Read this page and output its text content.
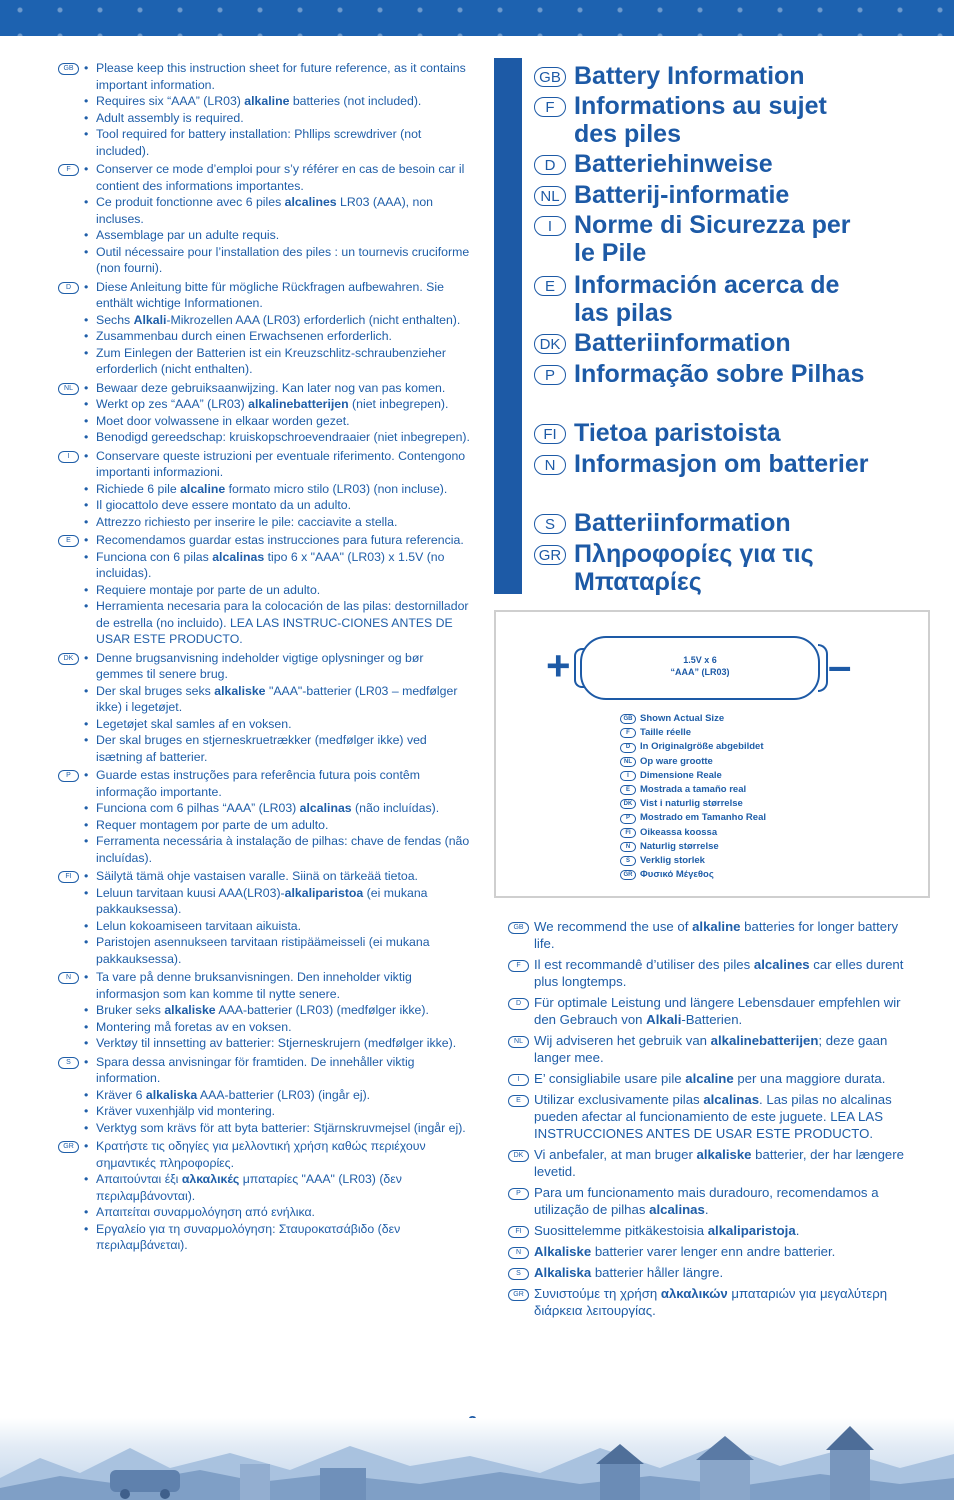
GB	• Please keep this instruction sheet for future reference, as it contains important information.
• Requires six “AAA” (LR03) alkaline batteries (not included).
• Adult assembly is required.
• Tool required for battery installation: Phllips screwdriver (not included).
F	• Conserver ce mode d’emploi pour s’y référer en cas de besoin car il contient des informations importantes.
• Ce produit fonctionne avec 6 piles alcalines LR03 (AAA), non incluses.
• Assemblage par un adulte requis.
• Outil nécessaire pour l’installation des piles : un tournevis cruciforme (non fourni).
D	• Diese Anleitung bitte für mögliche Rückfragen aufbewahren. Sie enthält wichtige Informationen.
• Sechs Alkali-Mikrozellen AAA (LR03) erforderlich (nicht enthalten).
• Zusammenbau durch einen Erwachsenen erforderlich.
• Zum Einlegen der Batterien ist ein Kreuzschlitz-schraubenzieher erforderlich (nicht enthalten).
NL	• Bewaar deze gebruiksaanwijzing. Kan later nog van pas komen.
• Werkt op zes “AAA” (LR03) alkalinebatterijen (niet inbegrepen).
• Moet door volwassene in elkaar worden gezet.
• Benodigd gereedschap: kruiskopschroevendraaier (niet inbegrepen).
I	• Conservare queste istruzioni per eventuale riferimento. Contengono importanti informazioni.
• Richiede 6 pile alcaline formato micro stilo (LR03) (non incluse).
• Il giocattolo deve essere montato da un adulto.
• Attrezzo richiesto per inserire le pile: cacciavite a stella.
E	• Recomendamos guardar estas instrucciones para futura referencia.
• Funciona con 6 pilas alcalinas tipo 6 x "AAA" (LR03) x 1.5V (no incluidas).
• Requiere montaje por parte de un adulto.
• Herramienta necesaria para la colocación de las pilas: destornillador de estrella (no incluido). LEA LAS INSTRUC-CIONES ANTES DE USAR ESTE PRODUCTO.
DK	• Denne brugsanvisning indeholder vigtige oplysninger og bør gemmes til senere brug.
• Der skal bruges seks alkaliske "AAA"-batterier (LR03 – medfølger ikke) i legetøjet.
• Legetøjet skal samles af en voksen.
• Der skal bruges en stjerneskruetrækker (medfølger ikke) ved isætning af batterier.
P	• Guarde estas instruções para referência futura pois contêm informação importante.
• Funciona com 6 pilhas “AAA” (LR03) alcalinas (não incluídas).
• Requer montagem por parte de um adulto.
• Ferramenta necessária à instalação de pilhas: chave de fendas (não incluídas).
FI	• Säilytä tämä ohje vastaisen varalle. Siinä on tärkeää tietoa.
• Leluun tarvitaan kuusi AAA(LR03)-alkaliparistoa (ei mukana pakkauksessa).
• Lelun kokoamiseen tarvitaan aikuista.
• Paristojen asennukseen tarvitaan ristipäämeisseli (ei mukana pakkauksessa).
N	• Ta vare på denne bruksanvisningen. Den inneholder viktig informasjon som kan komme til nytte senere.
• Bruker seks alkaliske AAA-batterier (LR03) (medfølger ikke).
• Montering må foretas av en voksen.
• Verktøy til innsetting av batterier: Stjerneskrujern (medfølger ikke).
S	• Spara dessa anvisningar för framtiden. De innehåller viktig information.
• Kräver 6 alkaliska AAA-batterier (LR03) (ingår ej).
• Kräver vuxenhjälp vid montering.
• Verktyg som krävs för att byta batterier: Stjärnskruvmejsel (ingår ej).
GR	• Κρατήστε τις οδηγίες για μελλοντική χρήση καθώς περιέχουν σημαντικές πληροφορίες.
• Απαιτούνται έξι αλκαλικές μπαταρίες "AAA" (LR03) (δεν περιλαμβάνονται).
• Απαιτείται συναρμολόγηση από ενήλικα.
• Εργαλείο για τη συναρμολόγηση: Σταυροκατσάβιδο (δεν περιλαμβάνεται).
GB Battery Information
F Informations au sujet des piles
D Batteriehinweise
NL Batterij-informatie
I Norme di Sicurezza per le Pile
E Información acerca de las pilas
DK Batteriinformation
P Informação sobre Pilhas
FI Tietoa paristoista
N Informasjon om batterier
S Batteriinformation
GR Πληροφορίες για τις Μπαταρίες
+	1.5V x 6
“AAA” (LR03)	–
GB Shown Actual Size
F	Taille réelle
D	In Originalgröße abgebildet
NL Op ware grootte
I	Dimensione Reale
E	Mostrada a tamaño real
DK Vist i naturlig størrelse
P	Mostrado em Tamanho Real
FI Oikeassa koossa
N	Naturlig størrelse
S	Verklig storlek
GR Φυσικό Μέγεθος
GB We recommend the use of alkaline batteries for longer battery life.
F	Il est recommandê d’utiliser des piles alcalines car elles durent plus longtemps.
D Für optimale Leistung und längere Lebensdauer empfehlen wir den Gebrauch von Alkali-Batterien.
NL Wij adviseren het gebruik van alkalinebatterijen; deze gaan langer mee.
I	E’ consigliabile usare pile alcaline per una maggiore durata.
E Utilizar exclusivamente pilas alcalinas. Las pilas no alcalinas pueden afectar al funcionamiento de este juguete. LEA LAS INSTRUCCIONES ANTES DE USAR ESTE PRODUCTO.
DK Vi anbefaler, at man bruger alkaliske batterier, der har længere levetid.
P Para um funcionamento mais duradouro, recomendamos a utilização de pilhas alcalinas.
FI Suosittelemme pitkäkestoisia alkaliparistoja.
N Alkaliske batterier varer lenger enn andre batterier.
S Alkaliska batterier håller längre.
GR Συνιστούμε τη χρήση αλκαλικών μπαταριών για μεγαλύτερη διάρκεια λειτουργίας.
